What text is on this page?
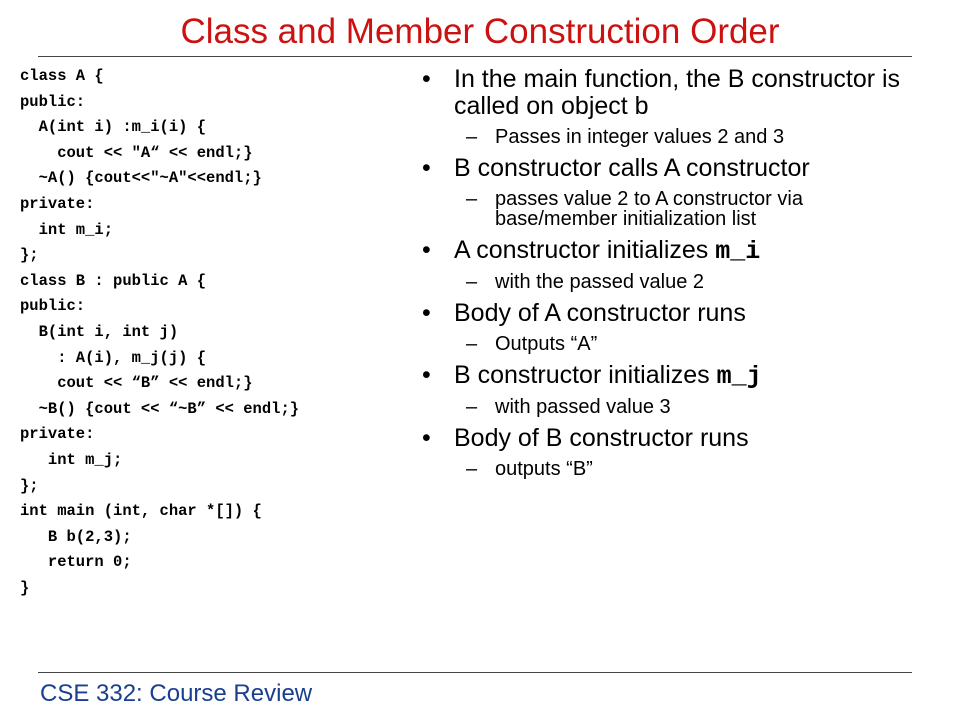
Class and Member Construction Order
class A {
public:
A(int i) :m_i(i) {
cout << "A“ << endl;}
~A() {cout<<"~A"<<endl;}
private:
int m_i;
};
class B : public A {
public:
B(int i, int j)
: A(i), m_j(j) {
cout << “B” << endl;}
~B() {cout << “~B” << endl;}
private:
int m_j;
};
int main (int, char *[]) {
B b(2,3);
return 0;
}
• In the main function, the B constructor is called on object b
– Passes in integer values 2 and 3
• B constructor calls A constructor
– passes value 2 to A constructor via base/member initialization list
• A constructor initializes m_i
– with the passed value 2
• Body of A constructor runs
– Outputs “A”
• B constructor initializes m_j
– with passed value 3
• Body of B constructor runs
– outputs “B”
CSE 332: Course Review
